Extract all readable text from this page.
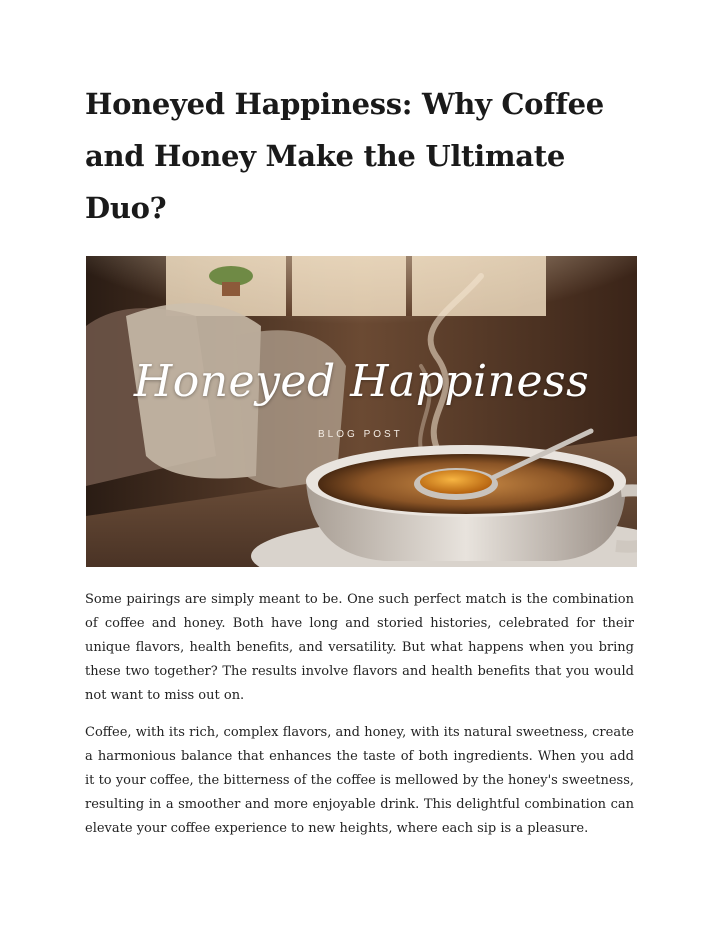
Honeyed Happiness: Why Coffee and Honey Make the Ultimate Duo?
Honeyed Happiness
BLOG POST

Some pairings are simply meant to be. One such perfect match is the combination of coffee and honey. Both have long and storied histories, celebrated for their unique flavors, health benefits, and versatility. But what happens when you bring these two together? The results involve flavors and health benefits that you would not want to miss out on.

Coffee, with its rich, complex flavors, and honey, with its natural sweetness, create a harmonious balance that enhances the taste of both ingredients. When you add it to your coffee, the bitterness of the coffee is mellowed by the honey's sweetness, resulting in a smoother and more enjoyable drink. This delightful combination can elevate your coffee experience to new heights, where each sip is a pleasure.
